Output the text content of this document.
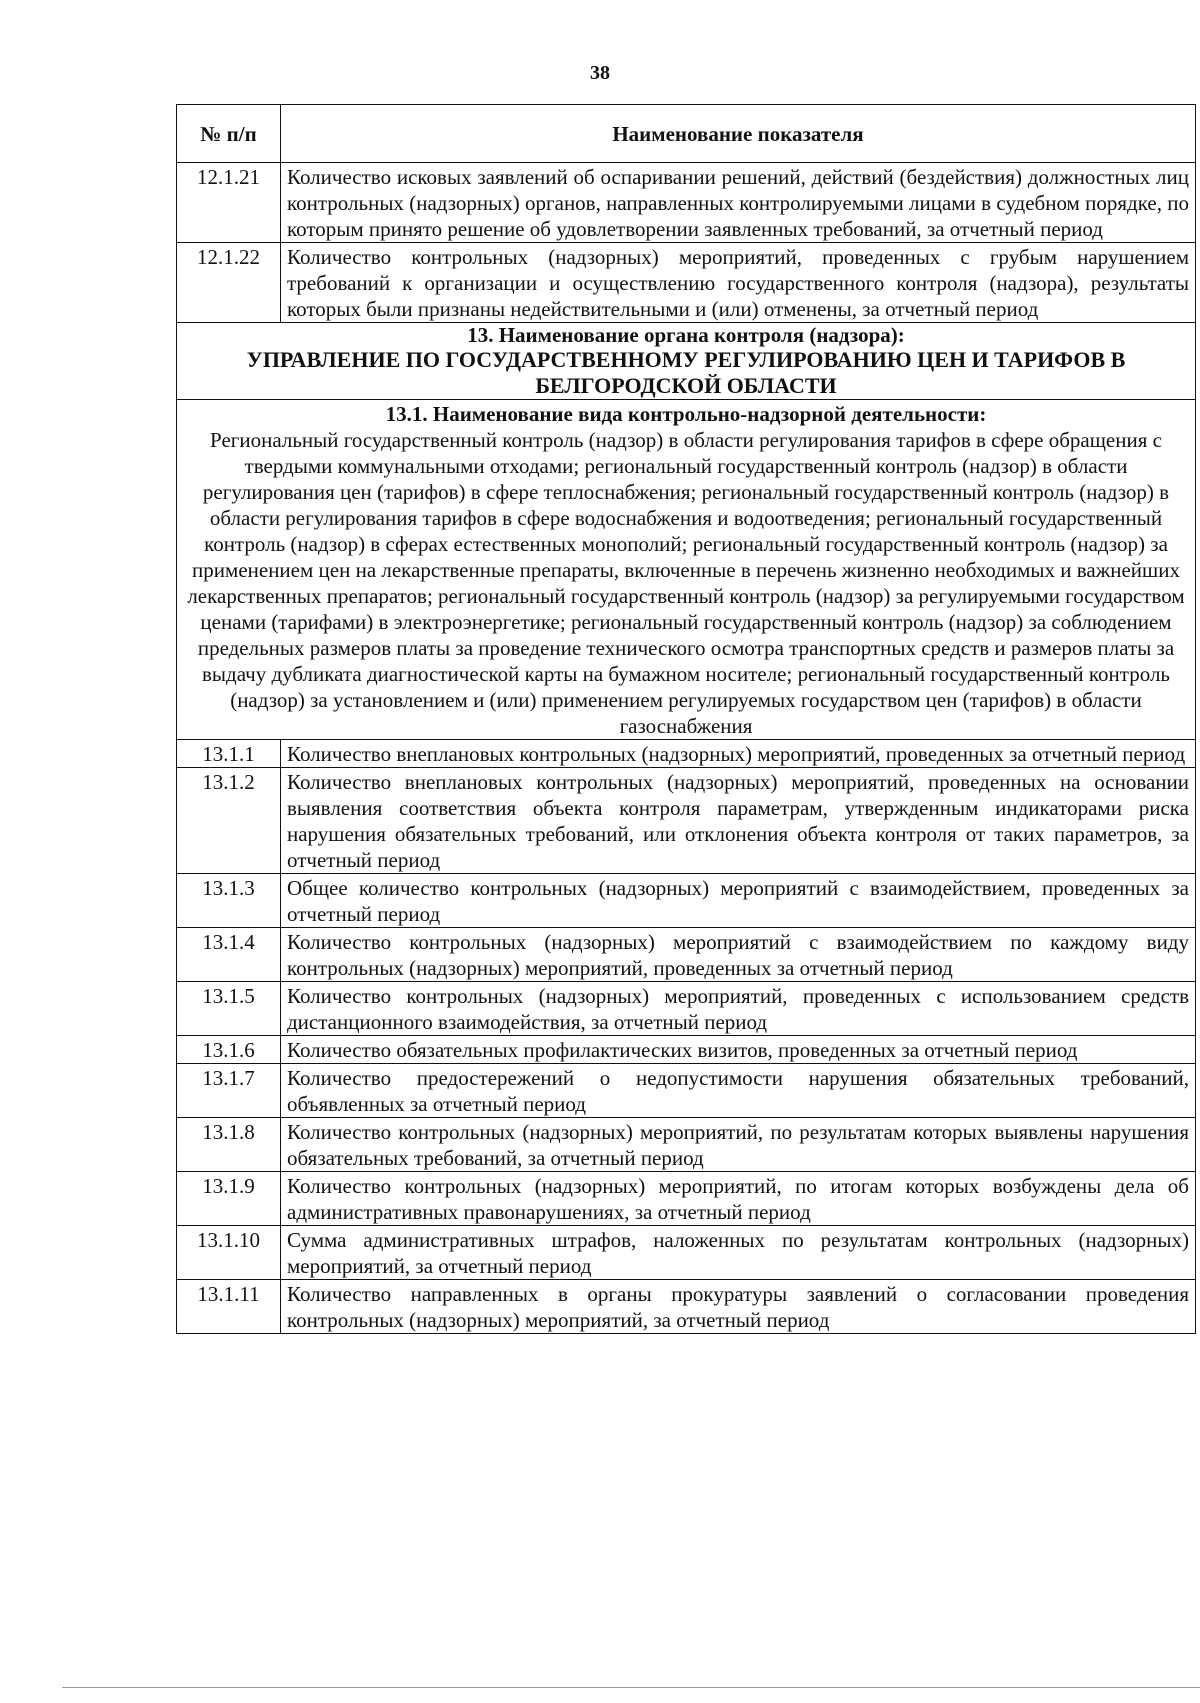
38
№ п/п	Наименование показателя
12.1.21	Количество исковых заявлений об оспаривании решений, действий (бездействия) должностных лиц контрольных (надзорных) органов, направленных контролируемыми лицами в судебном порядке, по которым принято решение об удовлетворении заявленных требований, за отчетный период
12.1.22	Количество контрольных (надзорных) мероприятий, проведенных с грубым нарушением требований к организации и осуществлению государственного контроля (надзора), результаты которых были признаны недействительными и (или) отменены, за отчетный период

13. Наименование органа контроля (надзора):
УПРАВЛЕНИЕ ПО ГОСУДАРСТВЕННОМУ РЕГУЛИРОВАНИЮ ЦЕН И ТАРИФОВ В БЕЛГОРОДСКОЙ ОБЛАСТИ	

13.1. Наименование вида контрольно-надзорной деятельности:
Региональный государственный контроль (надзор) в области регулирования тарифов в сфере обращения с твердыми коммунальными отходами; региональный государственный контроль (надзор) в области регулирования цен (тарифов) в сфере теплоснабжения; региональный государственный контроль (надзор) в области регулирования тарифов в сфере водоснабжения и водоотведения; региональный государственный контроль (надзор) в сферах естественных монополий; региональный государственный контроль (надзор) за применением цен на лекарственные препараты, включенные в перечень жизненно необходимых и важнейших лекарственных препаратов; региональный государственный контроль (надзор) за регулируемыми государством ценами (тарифами) в электроэнергетике; региональный государственный контроль (надзор) за соблюдением предельных размеров платы за проведение технического осмотра транспортных средств и размеров платы за выдачу дубликата диагностической карты на бумажном носителе; региональный государственный контроль (надзор) за установлением и (или) применением регулируемых государством цен (тарифов) в области газоснабжения	

13.1.1	Количество внеплановых контрольных (надзорных) мероприятий, проведенных за отчетный период
13.1.2	Количество внеплановых контрольных (надзорных) мероприятий, проведенных на основании выявления соответствия объекта контроля параметрам, утвержденным индикаторами риска нарушения обязательных требований, или отклонения объекта контроля от таких параметров, за отчетный период
13.1.3	Общее количество контрольных (надзорных) мероприятий с взаимодействием, проведенных за отчетный период
13.1.4	Количество контрольных (надзорных) мероприятий с взаимодействием по каждому виду контрольных (надзорных) мероприятий, проведенных за отчетный период
13.1.5	Количество контрольных (надзорных) мероприятий, проведенных с использованием средств дистанционного взаимодействия, за отчетный период
13.1.6	Количество обязательных профилактических визитов, проведенных за отчетный период
13.1.7	Количество предостережений о недопустимости нарушения обязательных требований, объявленных за отчетный период
13.1.8	Количество контрольных (надзорных) мероприятий, по результатам которых выявлены нарушения обязательных требований, за отчетный период
13.1.9	Количество контрольных (надзорных) мероприятий, по итогам которых возбуждены дела об административных правонарушениях, за отчетный период
13.1.10	Сумма административных штрафов, наложенных по результатам контрольных (надзорных) мероприятий, за отчетный период
13.1.11	Количество направленных в органы прокуратуры заявлений о согласовании проведения контрольных (надзорных) мероприятий, за отчетный период
